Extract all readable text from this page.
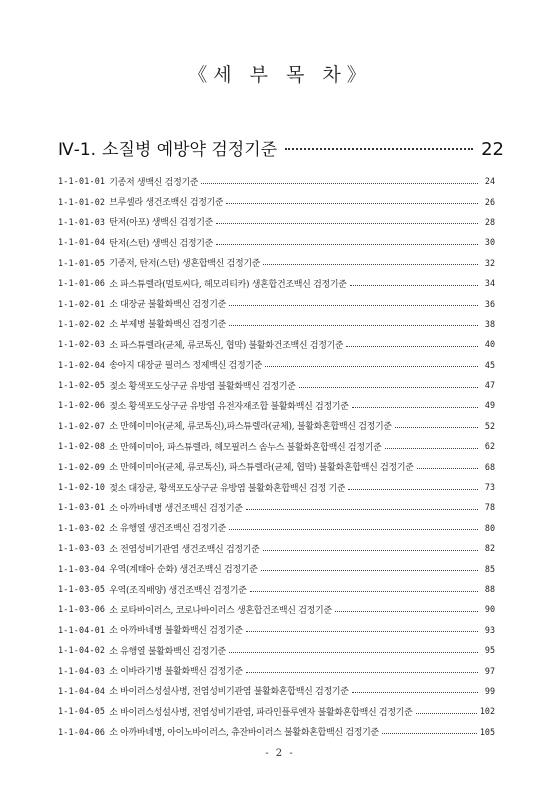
《세 부 목 차》
Ⅳ-1. 소질병 예방약 검정기준	22
1-1-01-01 기종저 생백신 검정기준	24
1-1-01-02 브루셀라 생건조백신 검정기준	26
1-1-01-03 탄저(아포) 생백신 검정기준	28
1-1-01-04 탄저(스턴) 생백신 검정기준	30
1-1-01-05 기종저, 탄저(스턴) 생혼합백신 검정기준	32
1-1-01-06 소 파스튜렐라(멀토씨다, 헤모리티카) 생혼합건조백신 검정기준	34
1-1-02-01 소 대장균 불활화백신 검정기준	36
1-1-02-02 소 부제병 불활화백신 검정기준	38
1-1-02-03 소 파스튜렐라(균체, 류코톡신, 협막) 불활화건조백신 검정기준	40
1-1-02-04 송아지 대장균 필러스 정제백신 검정기준	45
1-1-02-05 젖소 황색포도상구균 유방염 불활화백신 검정기준	47
1-1-02-06 젖소 황색포도상구균 유방염 유전자재조합 불활화백신 검정기준	49
1-1-02-07 소 만헤이미아(균체, 류코톡신),파스튜렐라(균체), 불활화혼합백신 검정기준	52
1-1-02-08 소 만헤이미아, 파스튜렐라, 헤모필러스 솜누스 불활화혼합백신 검정기준	62
1-1-02-09 소 만헤이미아(균체, 류코톡신), 파스튜렐라(균체, 협막) 불활화혼합백신 검정기준	68
1-1-02-10 젖소 대장균, 황색포도상구균 유방염 불활화혼합백신 검정 기준	73
1-1-03-01 소 아까바네병 생건조백신 검정기준	78
1-1-03-02 소 유행열 생건조백신 검정기준	80
1-1-03-03 소 전염성비기관염 생건조백신 검정기준	82
1-1-03-04 우역(계태아 순화) 생건조백신 검정기준	85
1-1-03-05 우역(조직배양) 생건조백신 검정기준	88
1-1-03-06 소 로타바이러스, 코로나바이러스 생혼합건조백신 검정기준	90
1-1-04-01 소 아까바네병 불활화백신 검정기준	93
1-1-04-02 소 유행열 불활화백신 검정기준	95
1-1-04-03 소 이바라기병 불활화백신 검정기준	97
1-1-04-04 소 바이러스성설사병, 전염성비기관염 불활화혼합백신 검정기준	99
1-1-04-05 소 바이러스성설사병, 전염성비기관염, 파라인플루엔자 불활화혼합백신 검정기준	102
1-1-04-06 소 아까바네병, 아이노바이러스, 츄잔바이러스 불활화혼합백신 검정기준	105
- 2 -
